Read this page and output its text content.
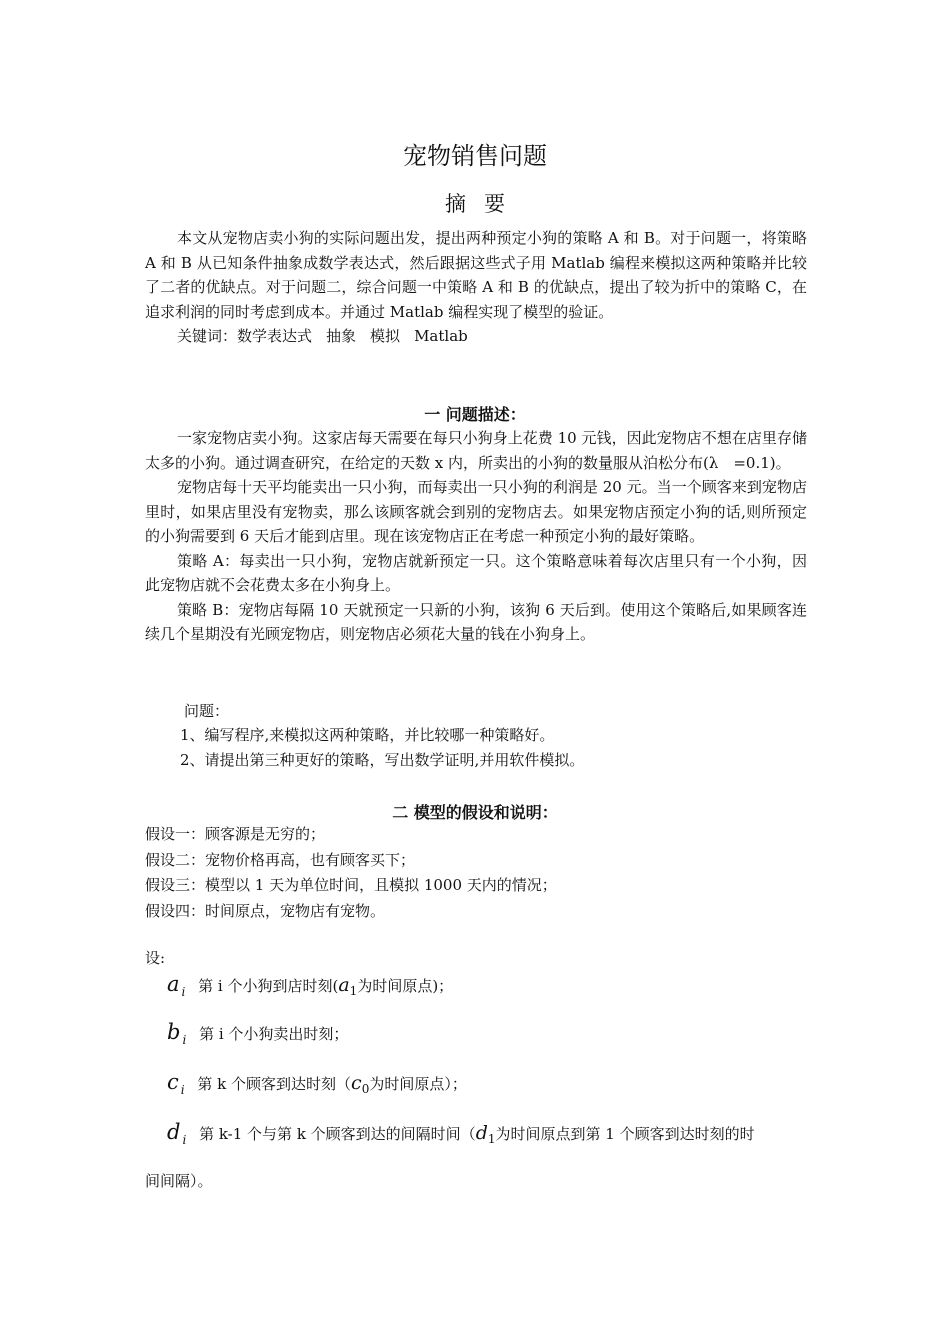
宠物销售问题
摘要

本文从宠物店卖小狗的实际问题出发，提出两种预定小狗的策略 A 和 B。对于问题一，将策略 A 和 B 从已知条件抽象成数学表达式，然后跟据这些式子用 Matlab 编程来模拟这两种策略并比较了二者的优缺点。对于问题二，综合问题一中策略 A 和 B 的优缺点，提出了较为折中的策略 C，在追求利润的同时考虑到成本。并通过 Matlab 编程实现了模型的验证。

关键词：数学表达式 抽象 模拟 Matlab

一 问题描述：

一家宠物店卖小狗。这家店每天需要在每只小狗身上花费 10 元钱，因此宠物店不想在店里存储太多的小狗。通过调查研究，在给定的天数 x 内，所卖出的小狗的数量服从泊松分布(λ　=0.1)。

宠物店每十天平均能卖出一只小狗，而每卖出一只小狗的利润是 20 元。当一个顾客来到宠物店里时，如果店里没有宠物卖，那么该顾客就会到别的宠物店去。如果宠物店预定小狗的话,则所预定的小狗需要到 6 天后才能到店里。现在该宠物店正在考虑一种预定小狗的最好策略。

策略 A：每卖出一只小狗，宠物店就新预定一只。这个策略意味着每次店里只有一个小狗，因此宠物店就不会花费太多在小狗身上。

策略 B：宠物店每隔 10 天就预定一只新的小狗，该狗 6 天后到。使用这个策略后,如果顾客连续几个星期没有光顾宠物店，则宠物店必须花大量的钱在小狗身上。

问题：
1、编写程序,来模拟这两种策略，并比较哪一种策略好。
2、请提出第三种更好的策略，写出数学证明,并用软件模拟。
二 模型的假设和说明：
假设一：顾客源是无穷的；
假设二：宠物价格再高，也有顾客买下；
假设三：模型以 1 天为单位时间，且模拟 1000 天内的情况；
假设四：时间原点，宠物店有宠物。
设:
a $_i$ 第 i 个小狗到店时刻($a_1$为时间原点)；
b $_i$ 第 i 个小狗卖出时刻；
c $_i$ 第 k 个顾客到达时刻（$c_0$为时间原点）；
d $_i$ 第 k-1 个与第 k 个顾客到达的间隔时间（$d_1$为时间原点到第 1 个顾客到达时刻的时
间间隔）。
